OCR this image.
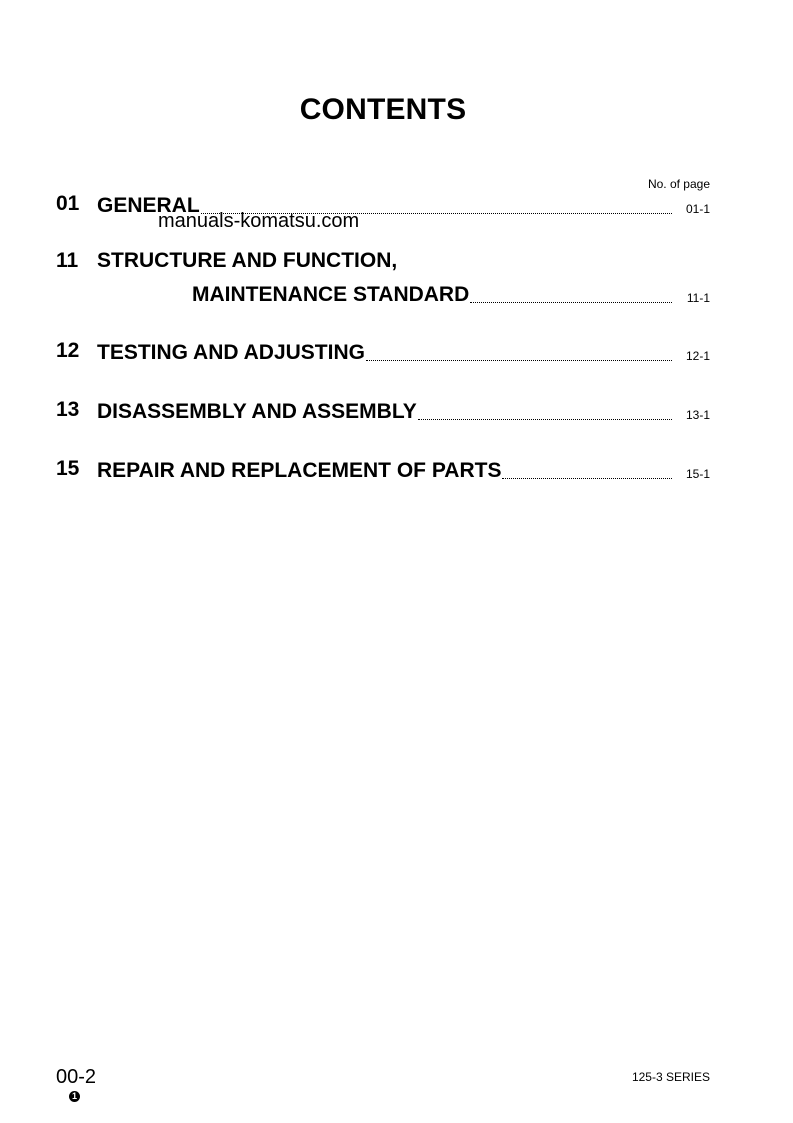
CONTENTS
No. of page
01 GENERAL	01-1
manuals-komatsu.com
11 STRUCTURE AND FUNCTION,
MAINTENANCE STANDARD	11-1
12 TESTING AND ADJUSTING	12-1
13 DISASSEMBLY AND ASSEMBLY	13-1
15 REPAIR AND REPLACEMENT OF PARTS	15-1
00-2
1
125-3 SERIES
